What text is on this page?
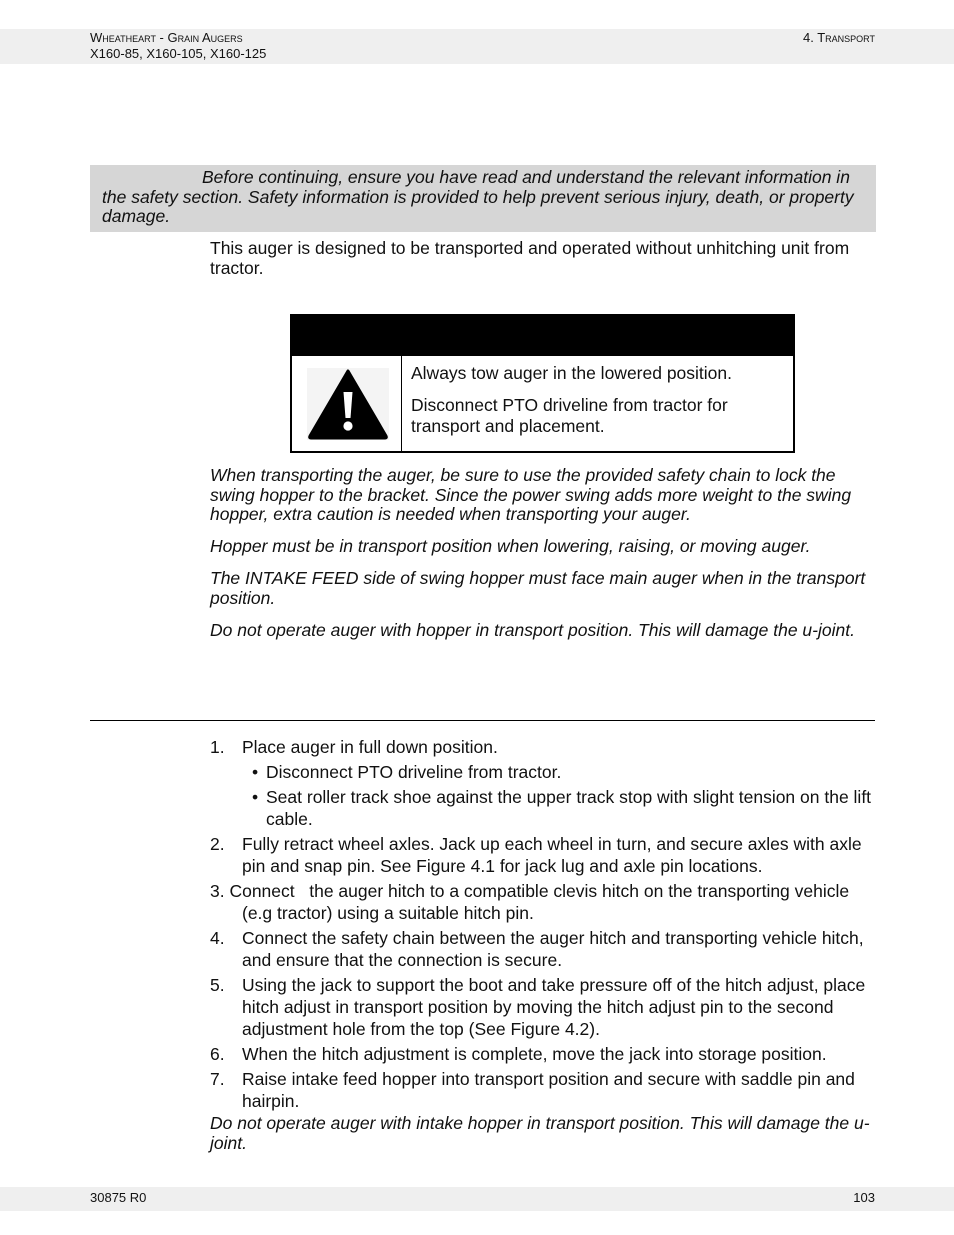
Wheatheart - Grain Augers
X160-85, X160-105, X160-125
4. Transport
Before continuing, ensure you have read and understand the relevant information in the safety section. Safety information is provided to help prevent serious injury, death, or property damage.
This auger is designed to be transported and operated without unhitching unit from tractor.

Always tow auger in the lowered position.

Disconnect PTO driveline from tractor for transport and placement.

When transporting the auger, be sure to use the provided safety chain to lock the swing hopper to the bracket. Since the power swing adds more weight to the swing hopper, extra caution is needed when transporting your auger.
Hopper must be in transport position when lowering, raising, or moving auger.
The INTAKE FEED side of swing hopper must face main auger when in the transport position.
Do not operate auger with hopper in transport position. This will damage the u-joint.
1. Place auger in full down position.
• Disconnect PTO driveline from tractor.
• Seat roller track shoe against the upper track stop with slight tension on the lift cable.
2. Fully retract wheel axles. Jack up each wheel in turn, and secure axles with axle pin and snap pin. See Figure 4.1 for jack lug and axle pin locations.
3. Connect the auger hitch to a compatible clevis hitch on the transporting vehicle (e.g tractor) using a suitable hitch pin.
4. Connect the safety chain between the auger hitch and transporting vehicle hitch, and ensure that the connection is secure.
5. Using the jack to support the boot and take pressure off of the hitch adjust, place hitch adjust in transport position by moving the hitch adjust pin to the second adjustment hole from the top (See Figure 4.2).
6. When the hitch adjustment is complete, move the jack into storage position.
7. Raise intake feed hopper into transport position and secure with saddle pin and hairpin.
Do not operate auger with intake hopper in transport position. This will damage the u-joint.
30875 R0	103
